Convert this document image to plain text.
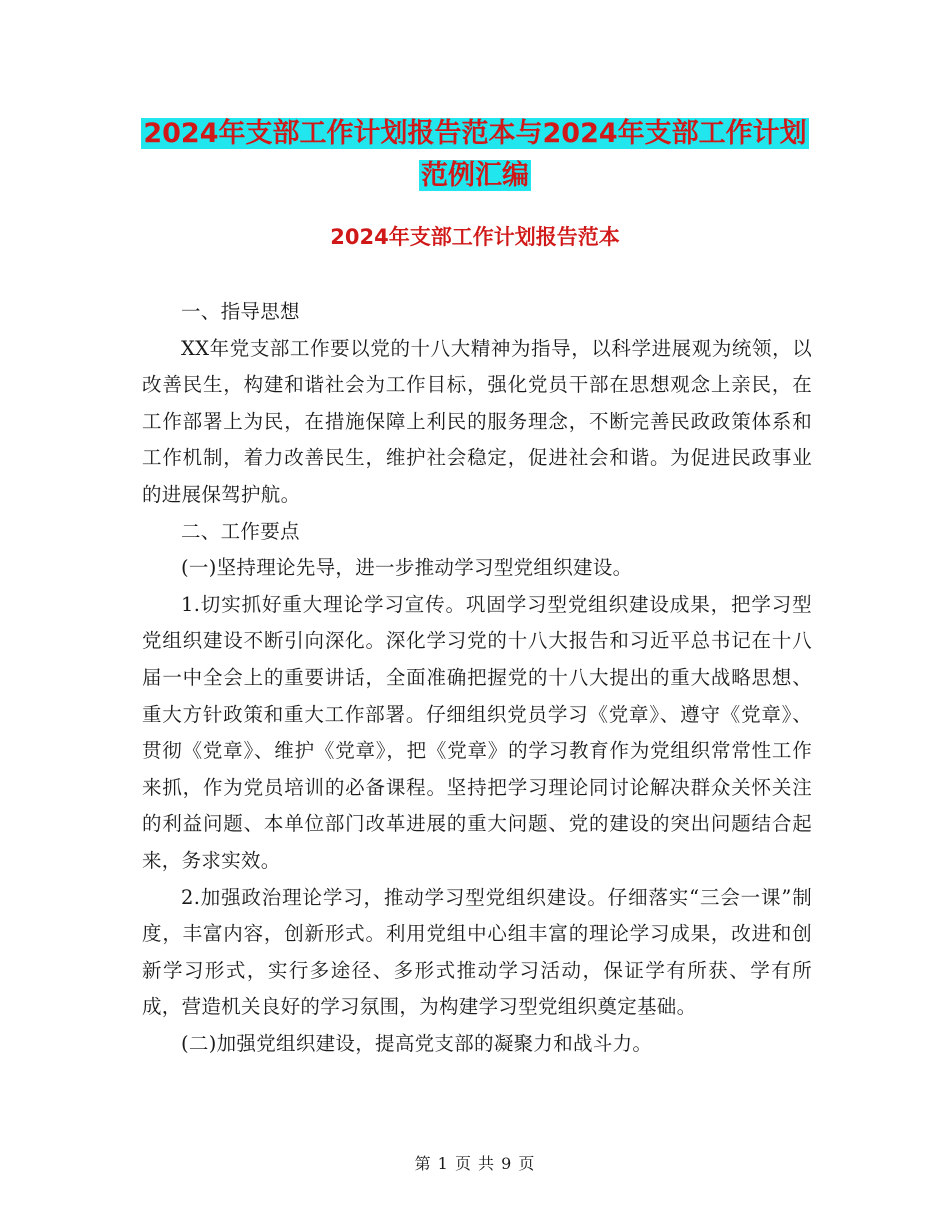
2024年支部工作计划报告范本与2024年支部工作计划
范例汇编
2024年支部工作计划报告范本

一、指导思想

XX年党支部工作要以党的十八大精神为指导，以科学进展观为统领，以改善民生，构建和谐社会为工作目标，强化党员干部在思想观念上亲民，在工作部署上为民，在措施保障上利民的服务理念，不断完善民政政策体系和工作机制，着力改善民生，维护社会稳定，促进社会和谐。为促进民政事业的进展保驾护航。

二、工作要点

(一)坚持理论先导，进一步推动学习型党组织建设。

1.切实抓好重大理论学习宣传。巩固学习型党组织建设成果，把学习型党组织建设不断引向深化。深化学习党的十八大报告和习近平总书记在十八届一中全会上的重要讲话，全面准确把握党的十八大提出的重大战略思想、重大方针政策和重大工作部署。仔细组织党员学习《党章》、遵守《党章》、贯彻《党章》、维护《党章》，把《党章》的学习教育作为党组织常常性工作来抓，作为党员培训的必备课程。坚持把学习理论同讨论解决群众关怀关注的利益问题、本单位部门改革进展的重大问题、党的建设的突出问题结合起来，务求实效。

2.加强政治理论学习，推动学习型党组织建设。仔细落实“三会一课”制度，丰富内容，创新形式。利用党组中心组丰富的理论学习成果，改进和创新学习形式，实行多途径、多形式推动学习活动，保证学有所获、学有所成，营造机关良好的学习氛围，为构建学习型党组织奠定基础。

(二)加强党组织建设，提高党支部的凝聚力和战斗力。

第 1 页 共 9 页
